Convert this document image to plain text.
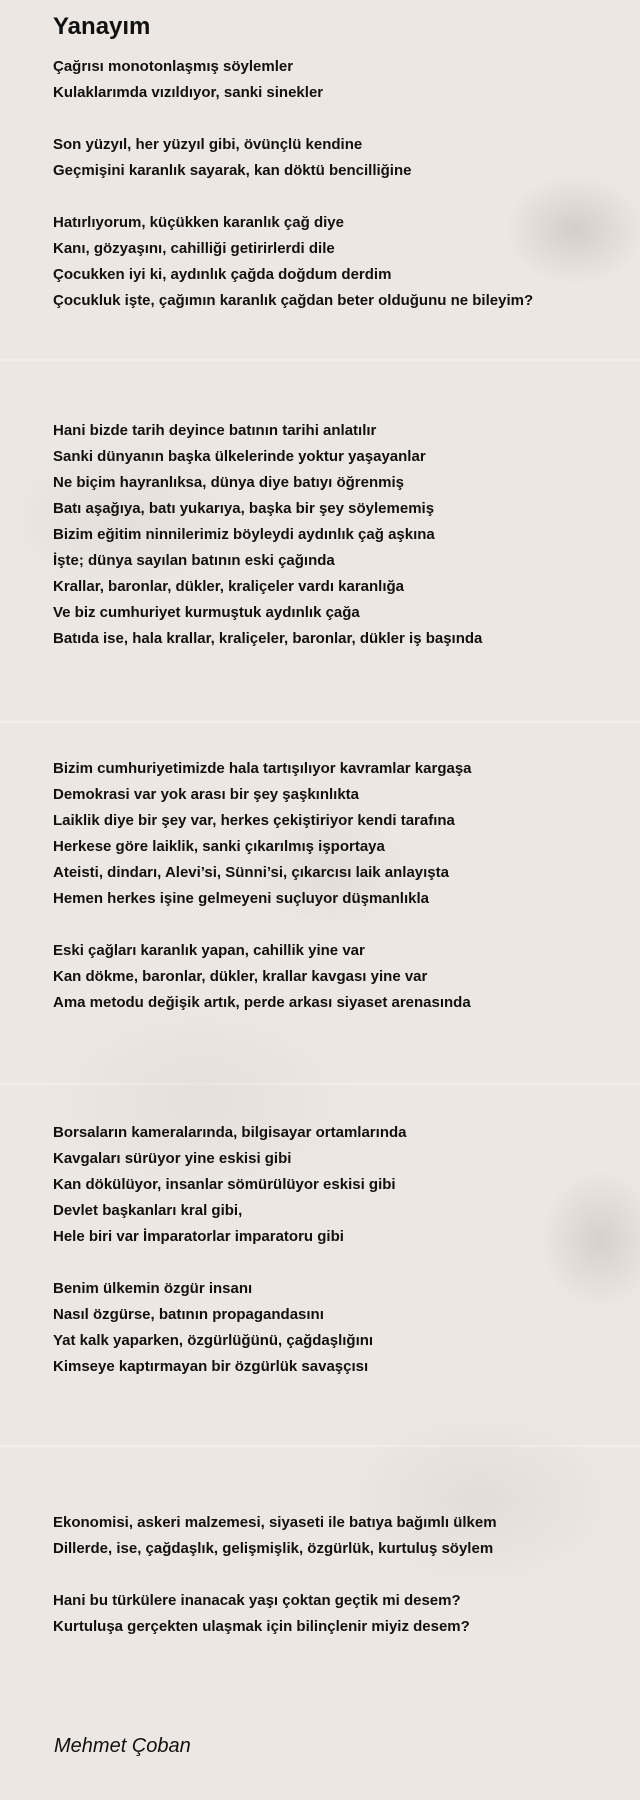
Yanayım
Çağrısı monotonlaşmış söylemler
Kulaklarımda vızıldıyor, sanki sinekler
Son yüzyıl, her yüzyıl gibi, övünçlü kendine
Geçmişini karanlık sayarak, kan döktü bencilliğine
Hatırlıyorum, küçükken karanlık çağ diye
Kanı, gözyaşını, cahilliği getirirlerdi dile
Çocukken iyi ki, aydınlık çağda doğdum derdim
Çocukluk işte, çağımın karanlık çağdan beter olduğunu ne bileyim?
Hani bizde tarih deyince batının tarihi anlatılır
Sanki dünyanın başka ülkelerinde yoktur yaşayanlar
Ne biçim hayranlıksa, dünya diye batıyı öğrenmiş
Batı aşağıya, batı yukarıya, başka bir şey söylememiş
Bizim eğitim ninnilerimiz böyleydi aydınlık çağ aşkına
İşte; dünya sayılan batının eski çağında
Krallar, baronlar, dükler, kraliçeler vardı karanlığa
Ve biz cumhuriyet kurmuştuk aydınlık çağa
Batıda ise, hala krallar, kraliçeler, baronlar, dükler iş başında
Bizim cumhuriyetimizde hala tartışılıyor kavramlar kargaşa
Demokrasi var yok arası bir şey şaşkınlıkta
Laiklik diye bir şey var, herkes çekiştiriyor kendi tarafına
Herkese göre laiklik, sanki çıkarılmış işportaya
Ateisti, dindarı, Alevi’si, Sünni’si, çıkarcısı laik anlayışta
Hemen herkes işine gelmeyeni suçluyor düşmanlıkla
Eski çağları karanlık yapan, cahillik yine var
Kan dökme, baronlar, dükler, krallar kavgası yine var
Ama metodu değişik artık, perde arkası siyaset arenasında
Borsaların kameralarında, bilgisayar ortamlarında
Kavgaları sürüyor yine eskisi gibi
Kan dökülüyor, insanlar sömürülüyor eskisi gibi
Devlet başkanları kral gibi,
Hele biri var İmparatorlar imparatoru gibi
Benim ülkemin özgür insanı
Nasıl özgürse, batının propagandasını
Yat kalk yaparken, özgürlüğünü, çağdaşlığını
Kimseye kaptırmayan bir özgürlük savaşçısı
Ekonomisi, askeri malzemesi, siyaseti ile batıya bağımlı ülkem
Dillerde, ise, çağdaşlık, gelişmişlik, özgürlük, kurtuluş söylem
Hani bu türkülere inanacak yaşı çoktan geçtik mi desem?
Kurtuluşa gerçekten ulaşmak için bilinçlenir miyiz desem?
Mehmet Çoban
